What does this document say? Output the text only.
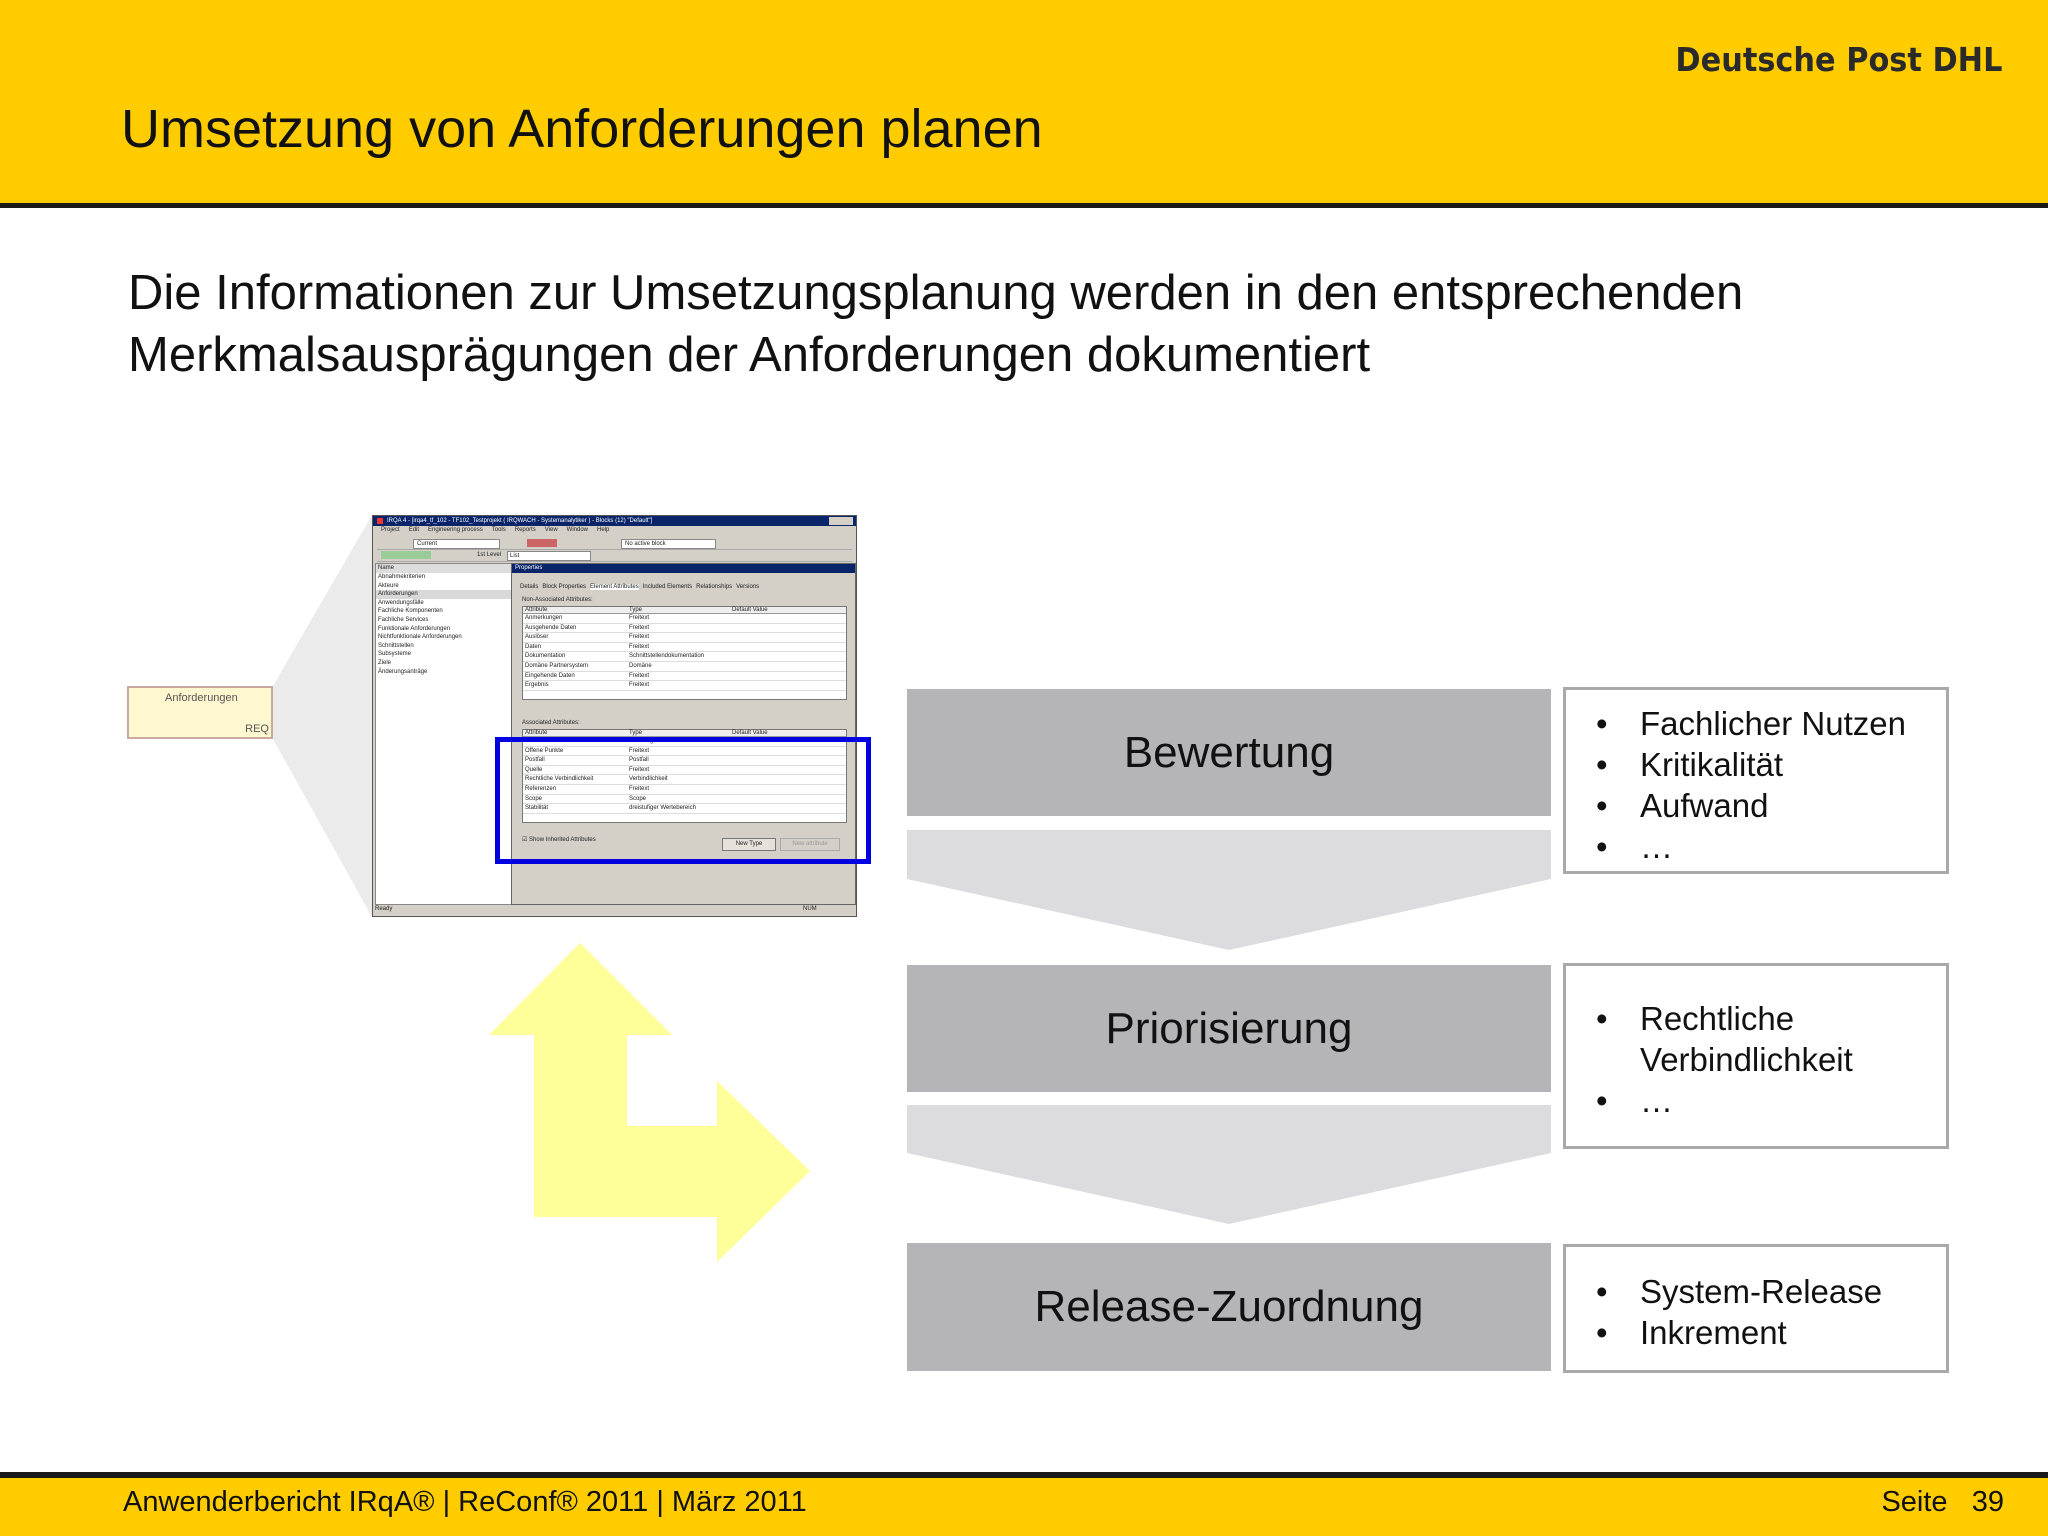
Deutsche Post DHL
Umsetzung von Anforderungen planen
Die Informationen zur Umsetzungsplanung werden in den entsprechenden
Merkmalsausprägungen der Anforderungen dokumentiert
Anforderungen
REQ
IRQA 4 - [irqa4_tf_102 - TF102_Testprojekt ( IRQWACH - Systemanalytiker ) - Blocks (12) "Default"]
Project Edit Engineering process Tools Reports View Window Help
Current	No active block
1st Level	List
Name
Abnahmekriterien
Akteure
Anforderungen
Anwendungsfälle
Fachliche Komponenten
Fachliche Services
Funktionale Anforderungen
Nichtfunktionale Anforderungen
Schnittstellen
Subsysteme
Ziele
Änderungsanträge
Properties
Details Block Properties Element Attributes Included Elements Relationships Versions
Non-Associated Attributes:
Attribute	Type	Default Value
Anmerkungen	Freitext
Ausgehende Daten	Freitext
Auslöser	Freitext
Daten	Freitext
Dokumentation	Schnittstellendokumentation
Domäne Partnersystem	Domäne
Eingehende Daten	Freitext
Ergebnis	Freitext
Associated Attributes:
Attribute	Type	Default Value
Kritikalität	dreistufiger Wertebereich
Offene Punkte	Freitext
Postfall	Postfall
Quelle	Freitext
Rechtliche Verbindlichkeit	Verbindlichkeit
Referenzen	Freitext
Scope	Scope
Stabilität	dreistufiger Wertebereich
☑ Show Inherited Attributes
New Type	New attribute
Ready	NUM
Bewertung
Priorisierung
Release-Zuordnung
• Fachlicher Nutzen
• Kritikalität
• Aufwand
• …
• Rechtliche Verbindlichkeit
• …
• System-Release
• Inkrement
Anwenderbericht IRqA® | ReConf® 2011 | März 2011	Seite 39
